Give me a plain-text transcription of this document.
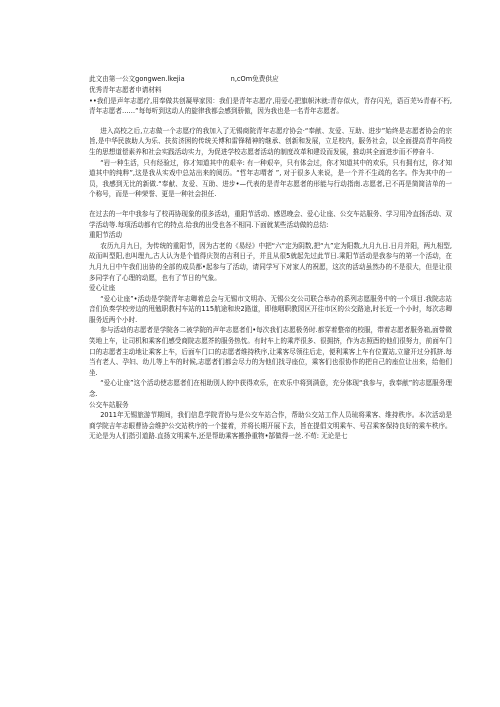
此文由第一公文gongwen.lkejia	n,cOm免费供应
优秀青年志愿者申请材料

••我们是声年志愿疗,用奉做共创凝辱家园：我们是青年志愿疗,用爱心把旗帜沐就:青存似火，青存闪光，语百芜½青春不朽,青年志愿者……”每每听到这动人的旋律我都会感到骄傲，因为我也是一名青年志愿者。

进入高校之后,立志做一个志愿疗的我加入了无锡商院青年志愿疗协会·“奉献、友爱、互助、进步”始终是志愿者协会的宗旨,是中华民族助人为乐、扶贫济困的传统关博和雷锋精神的继承、创新和发展，立足校内，服务社会，以全面提高青年尚校生的思想道偿素养和社会实践活动实力，为促进学校志愿者活动的制度改革和建设而发展，推动其全面进步而不停奋斗.

“岩一种生活，只有经验过，你才知道其中的艰辛: 有一种艰辛，只有体会过，你才知道其中的欢乐，只有拥有过，你才知道其中的纯粹”,这是我从实戏中总站出来的阅历。“哲年志喟者 ”, 对于很多人来说，是一个并不生疏的名字。作为其中的一员，我感到无比的新做.“奉献、友爱、互助、进步•—代表的是青年志愿者的形能与行动指南.志愿者,已不再是简简洁单的一个称号，而是一种荣誉、更是一种社会担任.

在过去的一年中我参与了校再协现象的很多活动，重阳节活动、感恩晚会、爱心让座、公交车站服务、学习用冷直扬活动、双学活动等.每项活动都有它的特点.给我的出受也各不相同.下面就某些活动做的总结:

重阳节活动

农历九月九日，为传统的重阳节，因为古老的《易经》中把“六”定为阴数,把“九”定为阳数,九月九日.日月并阳，两九相型,故而叫型阳,也叫理九,古人认为是个值得庆贺的吉利日子，并且从很5就起先过此节日.乘阳节活动是我参与的第一个活动，在九月九日中午我们出协的全部的成员都•起参与了活动，请同学写下对家人的祝愿，这次的活动虽然办的不是很大，但是让很多同学有了心理的动愿，也有了节日的气象。

爱心让座

“爱心让座”•活动是学院青年志卿着总会与无锡市文明办、无锡公交公司联合举办的系列志愿服务中的一个项目.我院志站音们负奏学校旁边的甩勉职教村车站的115航途和块2路道，即他咽职教园区开往市区的公交路途,时长近一个小时，每次志卿服务近两个小时.

参与活动的志愿者是学院各二被学院的声年志愿者们•每次我们志愿极务时.都穿着整帝的校服，带着志愿者服务箱,面带微笑地上车，让司机和乘客们感受商院志愿芥的服务热忱。有时车上的乘芹很多、很拥挤，作为志照酉的他们很努力，前面车门口的志愿者主动地让乘客上车，后面车门口的志愿者维持秩序,让乘客尽领往后走，便利乘客上车有位置站,立避开过分抓挤.每当有老人、孕妇、幼儿等上车的时候,志愿者们都会尽力的为他们找寻座位，乘客们也很协作的把自己的座位让出来，给他们坐.

“爱心让座”这个活动使志愿者们在相助别人的中获得欢乐，在欢乐中将到满意，充分体现“我参与，我奉献”的志愿服务理念.

公交车站服务

2011年无锡旅游节期间，我们信息学院青协与是公交车站合作，帮助公交站工作人员琉将乘客、维持秩序。本次活动是商学院吉年志眼曹协会维护公交站秩序的一个接着，并将长期开展下去，旨在提倡文明乘车、号召乘客保持良好的乘车秩序。

无论是为人们指引道路.直扬文明乘车,还是帮助乘客搬挣重物•郜做得一丝.不苟: 无论是七
